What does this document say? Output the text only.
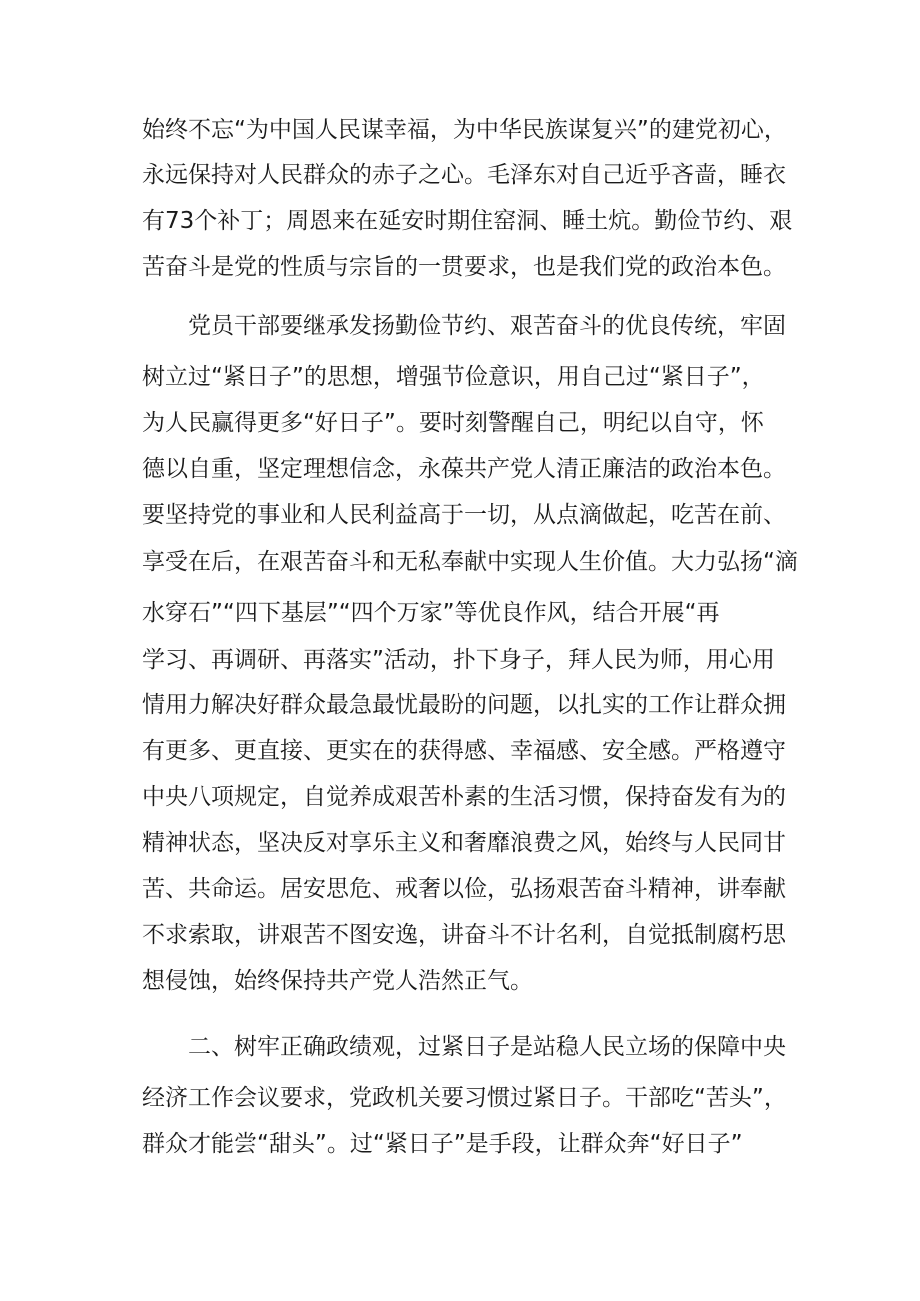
始终不忘“为中国人民谋幸福，为中华民族谋复兴”的建党初心，
永远保持对人民群众的赤子之心。毛泽东对自己近乎吝啬，睡衣
有73个补丁；周恩来在延安时期住窑洞、睡土炕。勤俭节约、艰
苦奋斗是党的性质与宗旨的一贯要求，也是我们党的政治本色。
党员干部要继承发扬勤俭节约、艰苦奋斗的优良传统，牢固
树立过“紧日子”的思想，增强节俭意识，用自己过“紧日子”，
为人民赢得更多“好日子”。要时刻警醒自己，明纪以自守，怀
德以自重，坚定理想信念，永葆共产党人清正廉洁的政治本色。
要坚持党的事业和人民利益高于一切，从点滴做起，吃苦在前、
享受在后，在艰苦奋斗和无私奉献中实现人生价值。大力弘扬“滴
水穿石”“四下基层”“四个万家”等优良作风，结合开展“再
学习、再调研、再落实”活动，扑下身子，拜人民为师，用心用
情用力解决好群众最急最忧最盼的问题，以扎实的工作让群众拥
有更多、更直接、更实在的获得感、幸福感、安全感。严格遵守
中央八项规定，自觉养成艰苦朴素的生活习惯，保持奋发有为的
精神状态，坚决反对享乐主义和奢靡浪费之风，始终与人民同甘
苦、共命运。居安思危、戒奢以俭，弘扬艰苦奋斗精神，讲奉献
不求索取，讲艰苦不图安逸，讲奋斗不计名利，自觉抵制腐朽思
想侵蚀，始终保持共产党人浩然正气。
二、树牢正确政绩观，过紧日子是站稳人民立场的保障中央
经济工作会议要求，党政机关要习惯过紧日子。干部吃“苦头”，
群众才能尝“甜头”。过“紧日子”是手段，让群众奔“好日子”
